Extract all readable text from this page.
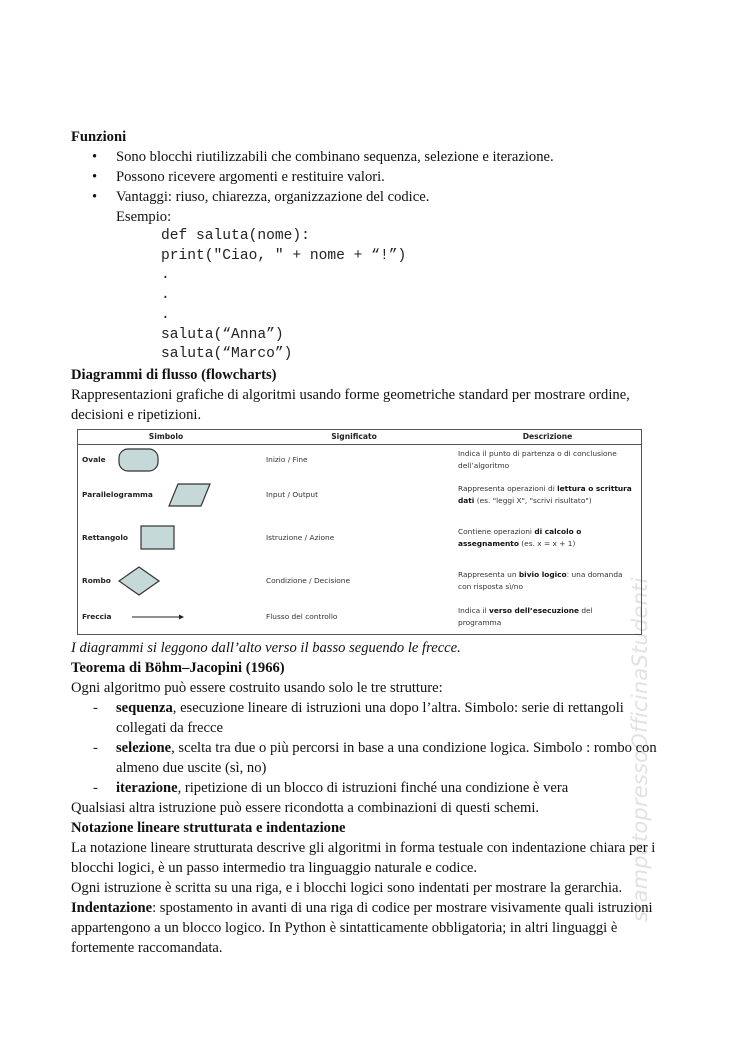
stampatopressoOfficinaStudenti
Funzioni
• Sono blocchi riutilizzabili che combinano sequenza, selezione e iterazione.
• Possono ricevere argomenti e restituire valori.
• Vantaggi: riuso, chiarezza, organizzazione del codice.
Esempio:
def saluta(nome):
print("Ciao, " + nome + “!”)
.
.
.
saluta(“Anna”)
saluta(“Marco”)
Diagrammi di flusso (flowcharts)

Rappresentazioni grafiche di algoritmi usando forme geometriche standard per mostrare ordine, decisioni e ripetizioni.

Simbolo	Significato	Descrizione

Ovale	Inizio / Fine	Indica il punto di partenza o di conclusione dell’algoritmo

Parallelogramma	Input / Output	Rappresenta operazioni di lettura o scrittura dati (es. "leggi X", "scrivi risultato")

Rettangolo	Istruzione / Azione	Contiene operazioni di calcolo o assegnamento (es. x = x + 1)

Rombo	Condizione / Decisione	Rappresenta un bivio logico: una domanda con risposta sì/no

Freccia	Flusso del controllo	Indica il verso dell’esecuzione del programma

I diagrammi si leggono dall’alto verso il basso seguendo le frecce.

Teorema di Böhm–Jacopini (1966)

Ogni algoritmo può essere costruito usando solo le tre strutture:

- sequenza, esecuzione lineare di istruzioni una dopo l’altra. Simbolo: serie di rettangoli collegati da frecce
- selezione, scelta tra due o più percorsi in base a una condizione logica. Simbolo : rombo con almeno due uscite (sì, no)
- iterazione, ripetizione di un blocco di istruzioni finché una condizione è vera

Qualsiasi altra istruzione può essere ricondotta a combinazioni di questi schemi.

Notazione lineare strutturata e indentazione

La notazione lineare strutturata descrive gli algoritmi in forma testuale con indentazione chiara per i blocchi logici, è un passo intermedio tra linguaggio naturale e codice.

Ogni istruzione è scritta su una riga, e i blocchi logici sono indentati per mostrare la gerarchia.

Indentazione: spostamento in avanti di una riga di codice per mostrare visivamente quali istruzioni appartengono a un blocco logico. In Python è sintatticamente obbligatoria; in altri linguaggi è fortemente raccomandata.
